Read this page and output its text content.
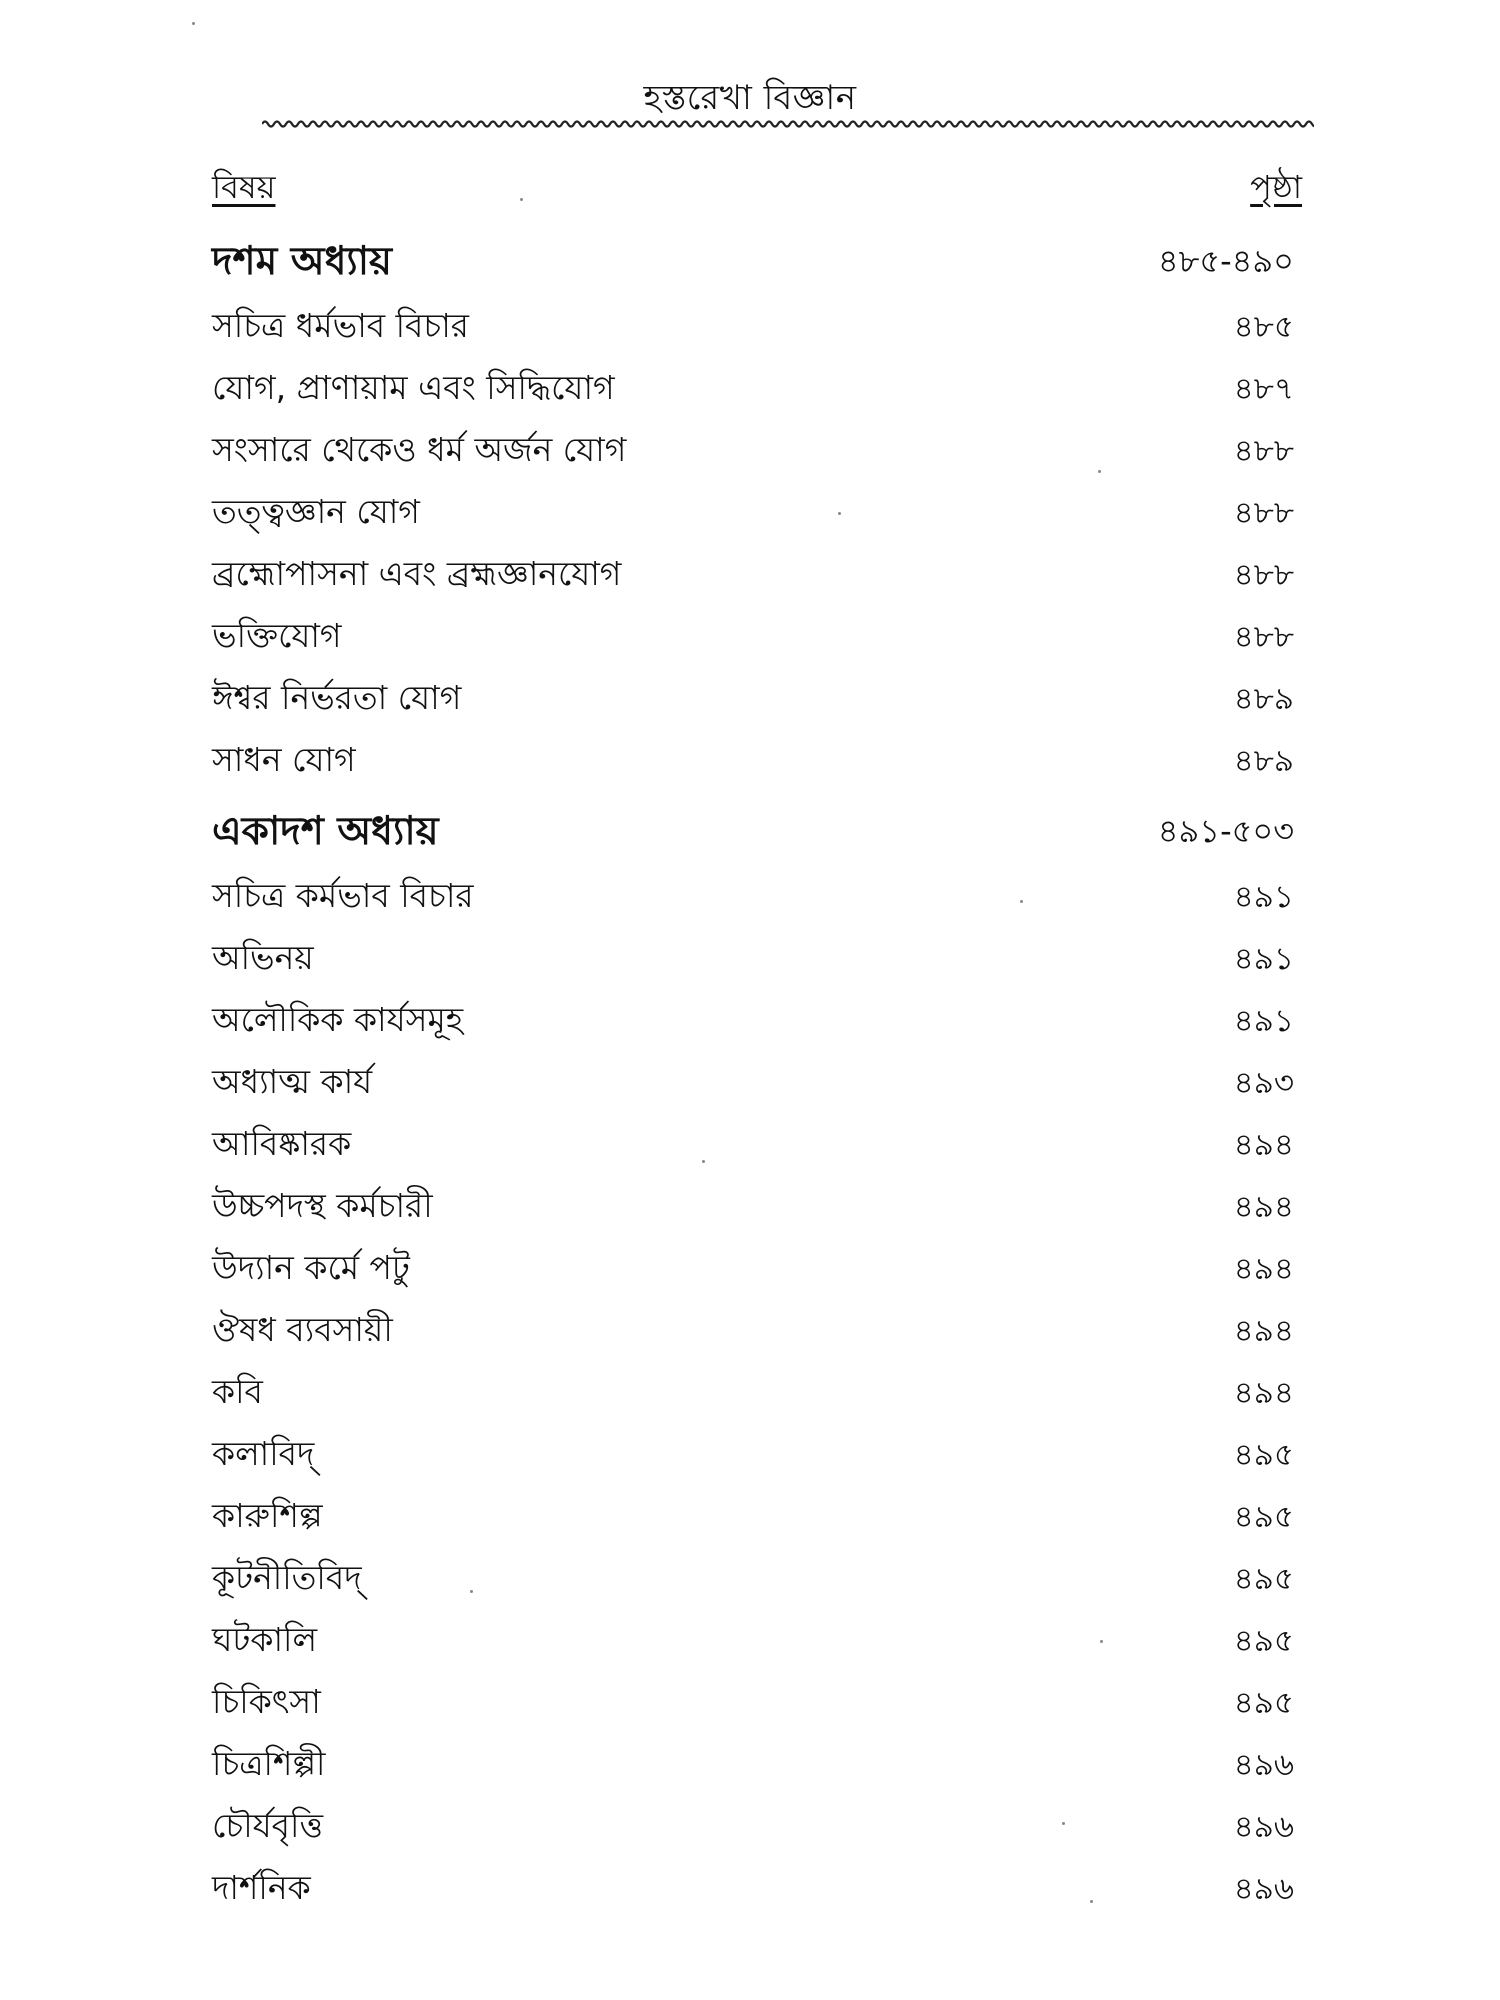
হস্তরেখা বিজ্ঞান
বিষয়	পৃষ্ঠা
দশম অধ্যায়	৪৮৫-৪৯০
সচিত্র ধর্মভাব বিচার	৪৮৫
যোগ, প্রাণায়াম এবং সিদ্ধিযোগ	৪৮৭
সংসারে থেকেও ধর্ম অর্জন যোগ	৪৮৮
তত্ত্বজ্ঞান যোগ	৪৮৮
ব্রহ্মোপাসনা এবং ব্রহ্মজ্ঞানযোগ	৪৮৮
ভক্তিযোগ	৪৮৮
ঈশ্বর নির্ভরতা যোগ	৪৮৯
সাধন যোগ	৪৮৯
একাদশ অধ্যায়	৪৯১-৫০৩
সচিত্র কর্মভাব বিচার	৪৯১
অভিনয়	৪৯১
অলৌকিক কার্যসমূহ	৪৯১
অধ্যাত্ম কার্য	৪৯৩
আবিষ্কারক	৪৯৪
উচ্চপদস্থ কর্মচারী	৪৯৪
উদ্যান কর্মে পটু	৪৯৪
ঔষধ ব্যবসায়ী	৪৯৪
কবি	৪৯৪
কলাবিদ্	৪৯৫
কারুশিল্প	৪৯৫
কূটনীতিবিদ্	৪৯৫
ঘটকালি	৪৯৫
চিকিৎসা	৪৯৫
চিত্রশিল্পী	৪৯৬
চৌর্যবৃত্তি	৪৯৬
দার্শনিক	৪৯৬
